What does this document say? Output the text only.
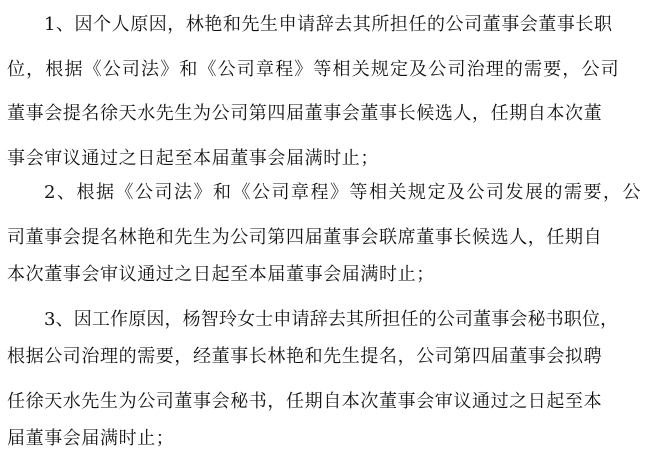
1、因个人原因，林艳和先生申请辞去其所担任的公司董事会董事长职
位，根据《公司法》和《公司章程》等相关规定及公司治理的需要，公司
董事会提名徐天水先生为公司第四届董事会董事长候选人，任期自本次董
事会审议通过之日起至本届董事会届满时止；
2、根据《公司法》和《公司章程》等相关规定及公司发展的需要，公
司董事会提名林艳和先生为公司第四届董事会联席董事长候选人，任期自
本次董事会审议通过之日起至本届董事会届满时止；
3、因工作原因，杨智玲女士申请辞去其所担任的公司董事会秘书职位，
根据公司治理的需要，经董事长林艳和先生提名，公司第四届董事会拟聘
任徐天水先生为公司董事会秘书，任期自本次董事会审议通过之日起至本
届董事会届满时止；
